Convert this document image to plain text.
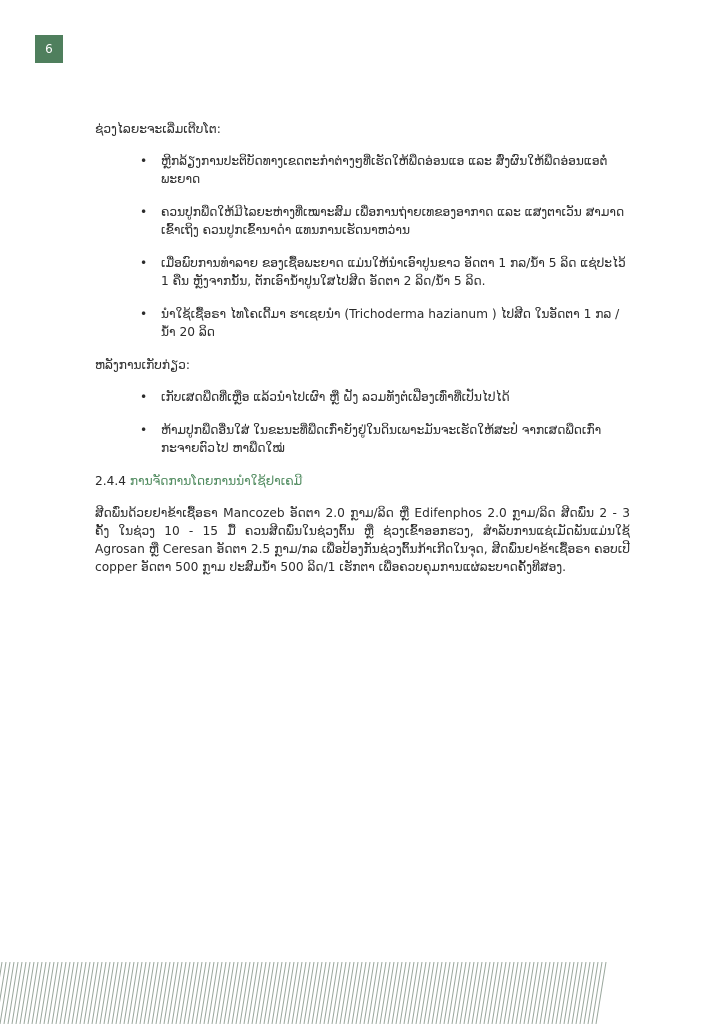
6

ຊ່ວງໄລຍະຈະເລີ່ມເຕີບໂຕ:

• ຫຼີກລ້ຽງການປະຕິບັດທາງເຂດຕະກຳຕ່າງໆທີ່ເຮັດໃຫ້ພືດອ່ອນແອ ແລະ ສົ່ງຜົນໃຫ້ພືດອ່ອນແອຕໍ່ພະຍາດ
• ຄວນປູກພືດໃຫ້ມີໄລຍະຫ່າງທີ່ເໝາະສົມ ເພື່ອການຖ່າຍເທຂອງອາກາດ ແລະ ແສງຕາເວັນ ສາມາດເຂົ້າເຖິງ ຄວນປູກເຂົ້ານາດຳ ແທນການເຮັດນາຫວ່ານ
• ເມື່ອພົບການທຳລາຍ ຂອງເຊື້ອພະຍາດ ແມ່ນໃຫ້ນຳເອົາປູນຂາວ ອັດຕາ 1 ກລ/ນ້ຳ 5 ລິດ ແຊ່ປະໄວ້ 1 ຄືນ ຫຼັງຈາກນັ້ນ, ຕັກເອົານ້ຳປູນໃສໄປສີດ ອັດຕາ 2 ລິດ/ນ້ຳ 5 ລິດ.
• ນຳໃຊ້ເຊື້ອຣາ ໄທໂຄເດີ້ມາ ຮາເຊຍນຳ (Trichoderma hazianum ) ໄປສີດ ໃນອັດຕາ 1 ກລ /ນ້ຳ 20 ລິດ

ຫລັງການເກັບກ່ຽວ:

• ເກັບເສດພືດທີ່ເຫຼືອ ແລ້ວນຳໄປເຜົາ ຫຼື ຝັງ ລວມທັງຕໍເຟືອງເທົ່າທີ່ເປັນໄປໄດ້
• ຫ້າມປູກພືດອື່ນໃສ່ ໃນຂະນະທີ່ພືດເກົ່າຍັງຢູ່ໃນດິນເພາະມັນຈະເຮັດໃຫ້ສະປໍ ຈາກເສດພືດເກົ່າກະຈາຍຕົວໄປ ຫາພືດໃໝ່

2.4.4 ການຈັດການໂດຍການນຳໃຊ້ຢາເຄມີ

ສີດພົ່ນດ້ວຍຢາຂ້າເຊື້ອຣາ Mancozeb ອັດຕາ 2.0 ກຼາມ/ລິດ ຫຼື Edifenphos 2.0 ກຼາມ/ລິດ ສີດພົ່ນ 2 - 3 ຄັ້ງ ໃນຊ່ວງ 10 - 15 ມື້ ຄວນສີດພົ່ນໃນຊ່ວງຕົ້ນ ຫຼື ຊ່ວງເຂົ້າອອກຮວງ, ສຳລັບການແຊ່ເມັດພັນແມ່ນໃຊ້ Agrosan ຫຼື Ceresan ອັດຕາ 2.5 ກຼາມ/ກລ ເພື່ອປ້ອງກັນຊ່ວງຕົ້ນກ້າເກີດໃນຈຸດ, ສີດພົ່ນຢາຂ້າເຊື້ອຣາ ຄອບເປີ copper ອັດຕາ 500 ກຼາມ ປະສົມນ້ຳ 500 ລິດ/1 ເຮັກຕາ ເພື່ອຄວບຄຸມການແຜ່ລະບາດຄັ້ງທີສອງ.
